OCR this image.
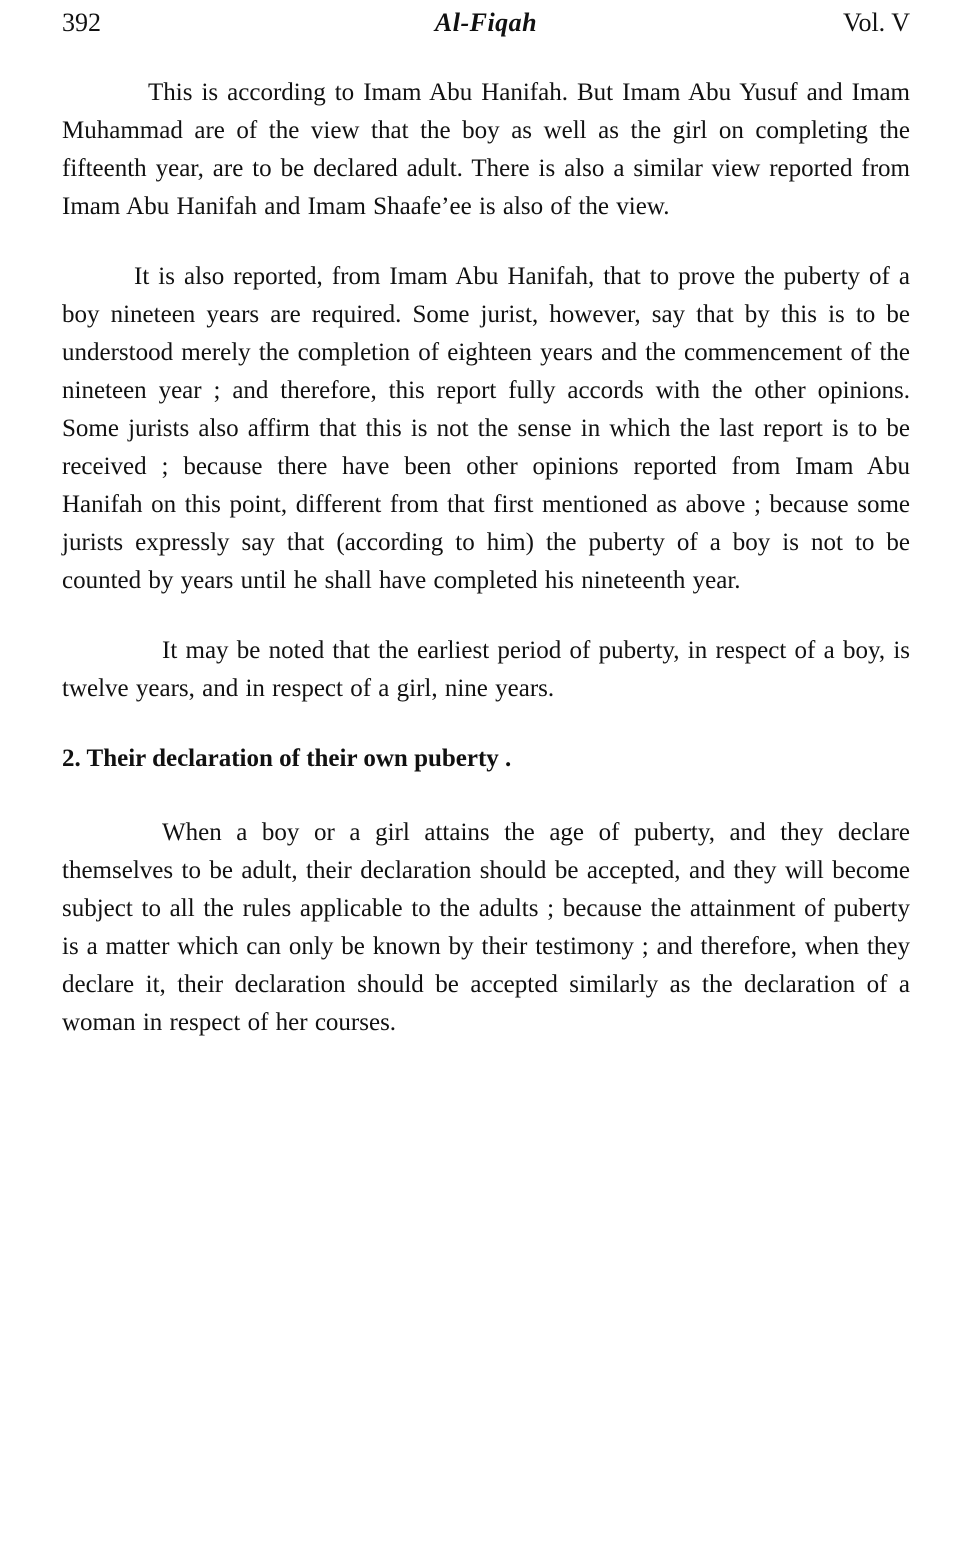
392	Al-Fiqah	Vol. V

This is according to Imam Abu Hanifah. But Imam Abu Yusuf and Imam Muhammad are of the view that the boy as well as the girl on completing the fifteenth year, are to be declared adult. There is also a similar view reported from Imam Abu Hanifah and Imam Shaafe’ee is also of the view.

It is also reported, from Imam Abu Hanifah, that to prove the puberty of a boy nineteen years are required. Some jurist, however, say that by this is to be understood merely the completion of eighteen years and the commencement of the nineteen year ; and therefore, this report fully accords with the other opinions. Some jurists also affirm that this is not the sense in which the last report is to be received ; because there have been other opinions reported from Imam Abu Hanifah on this point, different from that first mentioned as above ; because some jurists expressly say that (according to him) the puberty of a boy is not to be counted by years until he shall have completed his nineteenth year.

It may be noted that the earliest period of puberty, in respect of a boy, is twelve years, and in respect of a girl, nine years.

2. Their declaration of their own puberty .

When a boy or a girl attains the age of puberty, and they declare themselves to be adult, their declaration should be accepted, and they will become subject to all the rules applicable to the adults ; because the attainment of puberty is a matter which can only be known by their testimony ; and therefore, when they declare it, their declaration should be accepted similarly as the declaration of a woman in respect of her courses.
